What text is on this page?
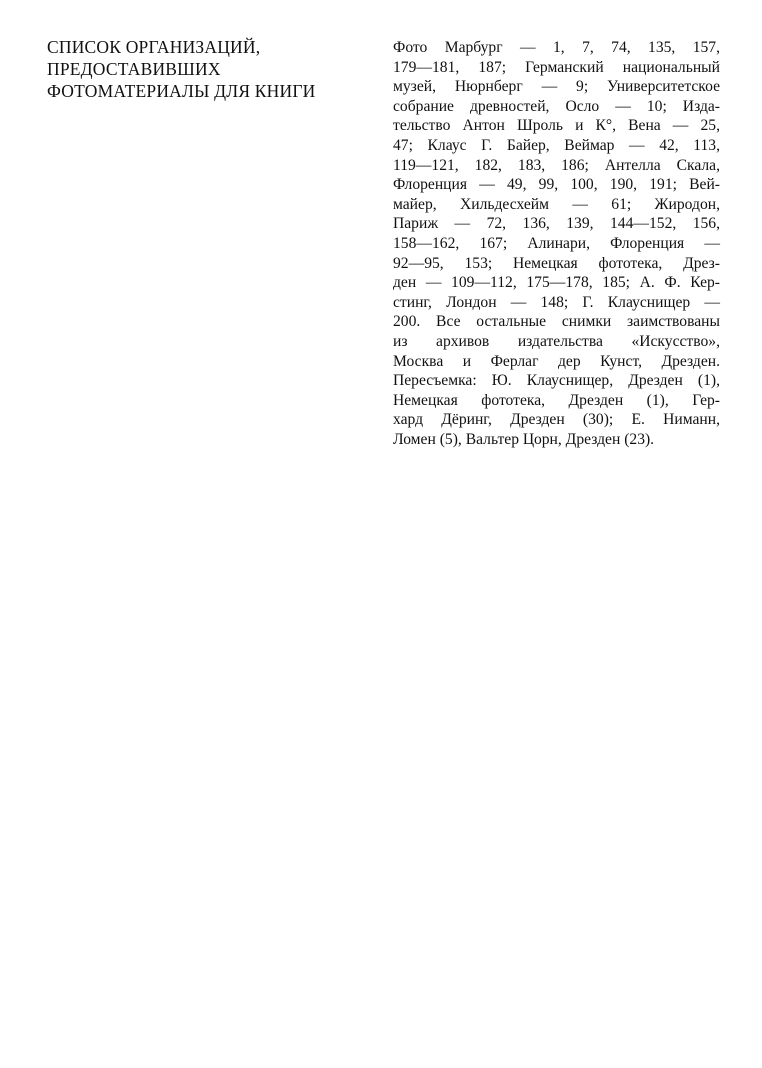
СПИСОК ОРГАНИЗАЦИЙ,
ПРЕДОСТАВИВШИХ
ФОТОМАТЕРИАЛЫ ДЛЯ КНИГИ
Фото Марбург — 1, 7, 74, 135, 157,
179—181, 187; Германский национальный
музей, Нюрнберг — 9; Университетское
собрание древностей, Осло — 10; Изда-
тельство Антон Шроль и К°, Вена — 25,
47; Клаус Г. Байер, Веймар — 42, 113,
119—121, 182, 183, 186; Антелла Скала,
Флоренция — 49, 99, 100, 190, 191; Вей-
майер, Хильдесхейм — 61; Жиродон,
Париж — 72, 136, 139, 144—152, 156,
158—162, 167; Алинари, Флоренция —
92—95, 153; Немецкая фототека, Дрез-
ден — 109—112, 175—178, 185; А. Ф. Кер-
стинг, Лондон — 148; Г. Клауснищер —
200. Все остальные снимки заимствованы
из архивов издательства «Искусство»,
Москва и Ферлаг дер Кунст, Дрезден.
Пересъемка: Ю. Клауснищер, Дрезден (1),
Немецкая фототека, Дрезден (1), Гер-
хард Дёринг, Дрезден (30); Е. Ниманн,
Ломен (5), Вальтер Цорн, Дрезден (23).
